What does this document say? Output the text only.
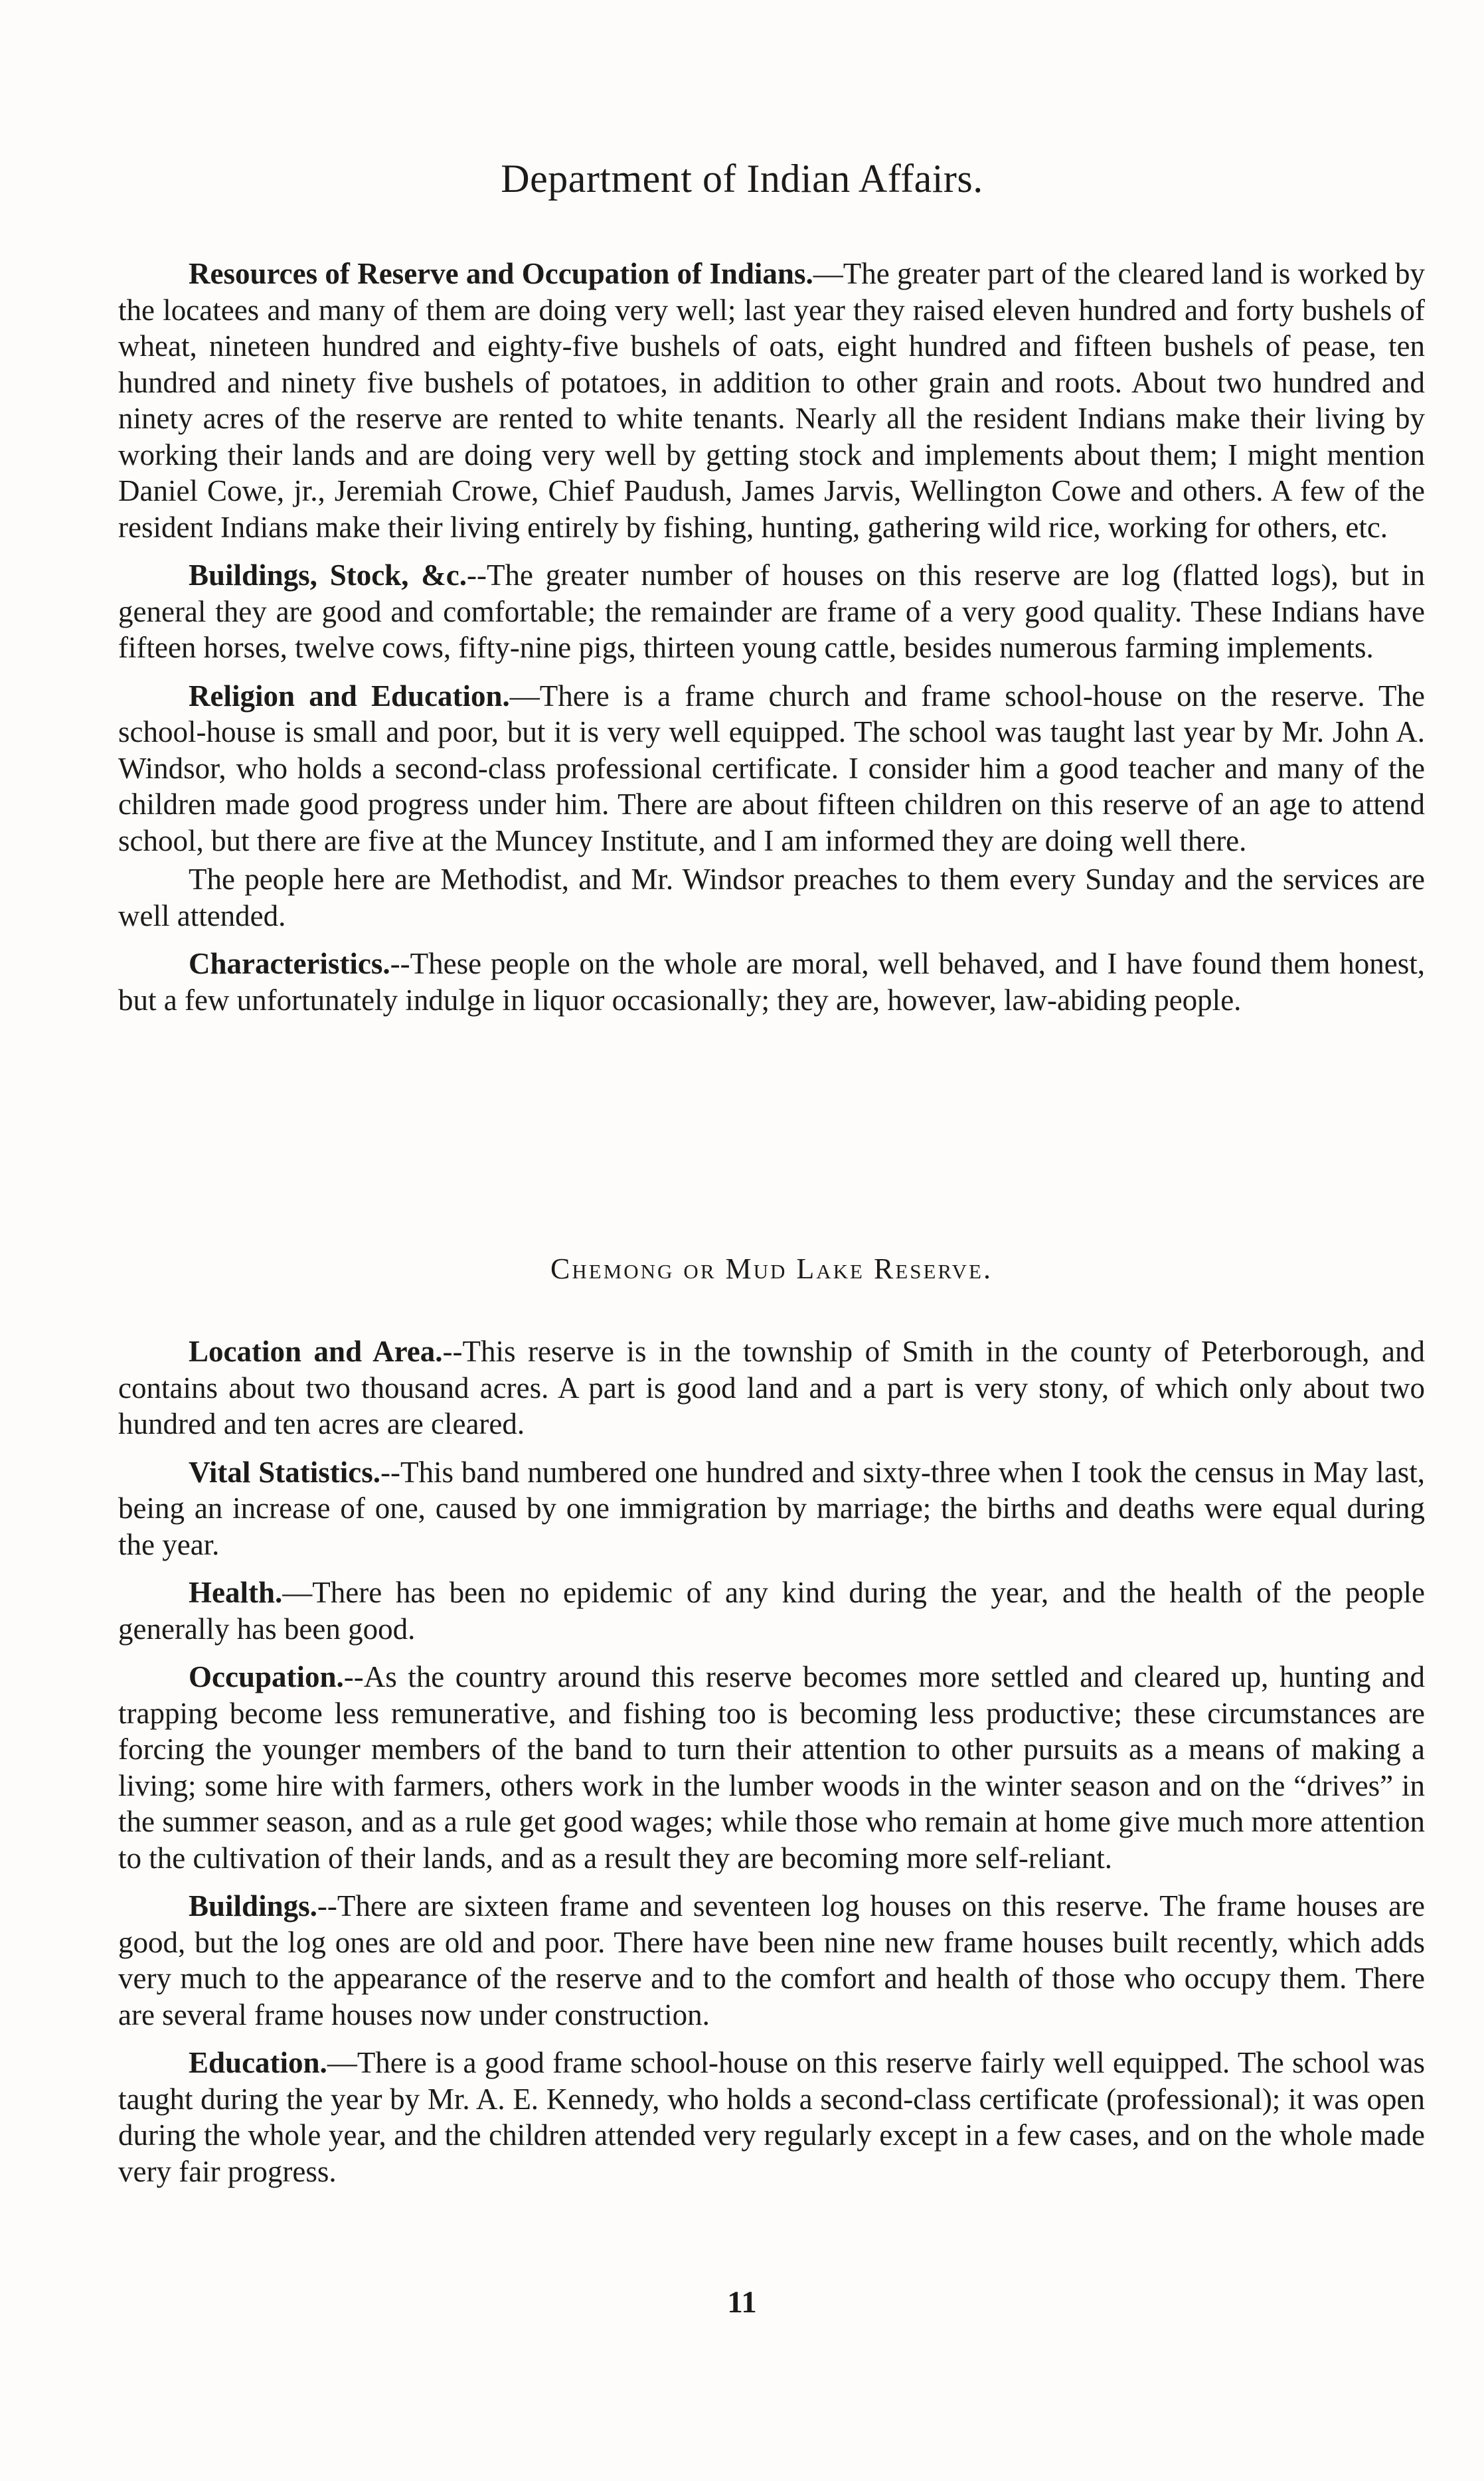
Department of Indian Affairs.

Resources of Reserve and Occupation of Indians.—The greater part of the cleared land is worked by the locatees and many of them are doing very well; last year they raised eleven hundred and forty bushels of wheat, nineteen hundred and eighty-five bushels of oats, eight hundred and fifteen bushels of pease, ten hundred and ninety five bushels of potatoes, in addition to other grain and roots. About two hundred and ninety acres of the reserve are rented to white tenants. Nearly all the resident Indians make their living by working their lands and are doing very well by getting stock and implements about them; I might mention Daniel Cowe, jr., Jeremiah Crowe, Chief Paudush, James Jarvis, Wellington Cowe and others. A few of the resident Indians make their living entirely by fishing, hunting, gathering wild rice, working for others, etc.

Buildings, Stock, &c.--The greater number of houses on this reserve are log (flatted logs), but in general they are good and comfortable; the remainder are frame of a very good quality. These Indians have fifteen horses, twelve cows, fifty-nine pigs, thirteen young cattle, besides numerous farming implements.

Religion and Education.—There is a frame church and frame school-house on the reserve. The school-house is small and poor, but it is very well equipped. The school was taught last year by Mr. John A. Windsor, who holds a second-class professional certificate. I consider him a good teacher and many of the children made good progress under him. There are about fifteen children on this reserve of an age to attend school, but there are five at the Muncey Institute, and I am informed they are doing well there.

The people here are Methodist, and Mr. Windsor preaches to them every Sunday and the services are well attended.

Characteristics.--These people on the whole are moral, well behaved, and I have found them honest, but a few unfortunately indulge in liquor occasionally; they are, however, law-abiding people.

Chemong or Mud Lake Reserve.

Location and Area.--This reserve is in the township of Smith in the county of Peterborough, and contains about two thousand acres. A part is good land and a part is very stony, of which only about two hundred and ten acres are cleared.

Vital Statistics.--This band numbered one hundred and sixty-three when I took the census in May last, being an increase of one, caused by one immigration by marriage; the births and deaths were equal during the year.

Health.—There has been no epidemic of any kind during the year, and the health of the people generally has been good.

Occupation.--As the country around this reserve becomes more settled and cleared up, hunting and trapping become less remunerative, and fishing too is becoming less productive; these circumstances are forcing the younger members of the band to turn their attention to other pursuits as a means of making a living; some hire with farmers, others work in the lumber woods in the winter season and on the “drives” in the summer season, and as a rule get good wages; while those who remain at home give much more attention to the cultivation of their lands, and as a result they are becoming more self-reliant.

Buildings.--There are sixteen frame and seventeen log houses on this reserve. The frame houses are good, but the log ones are old and poor. There have been nine new frame houses built recently, which adds very much to the appearance of the reserve and to the comfort and health of those who occupy them. There are several frame houses now under construction.

Education.—There is a good frame school-house on this reserve fairly well equipped. The school was taught during the year by Mr. A. E. Kennedy, who holds a second-class certificate (professional); it was open during the whole year, and the children attended very regularly except in a few cases, and on the whole made very fair progress.

11
